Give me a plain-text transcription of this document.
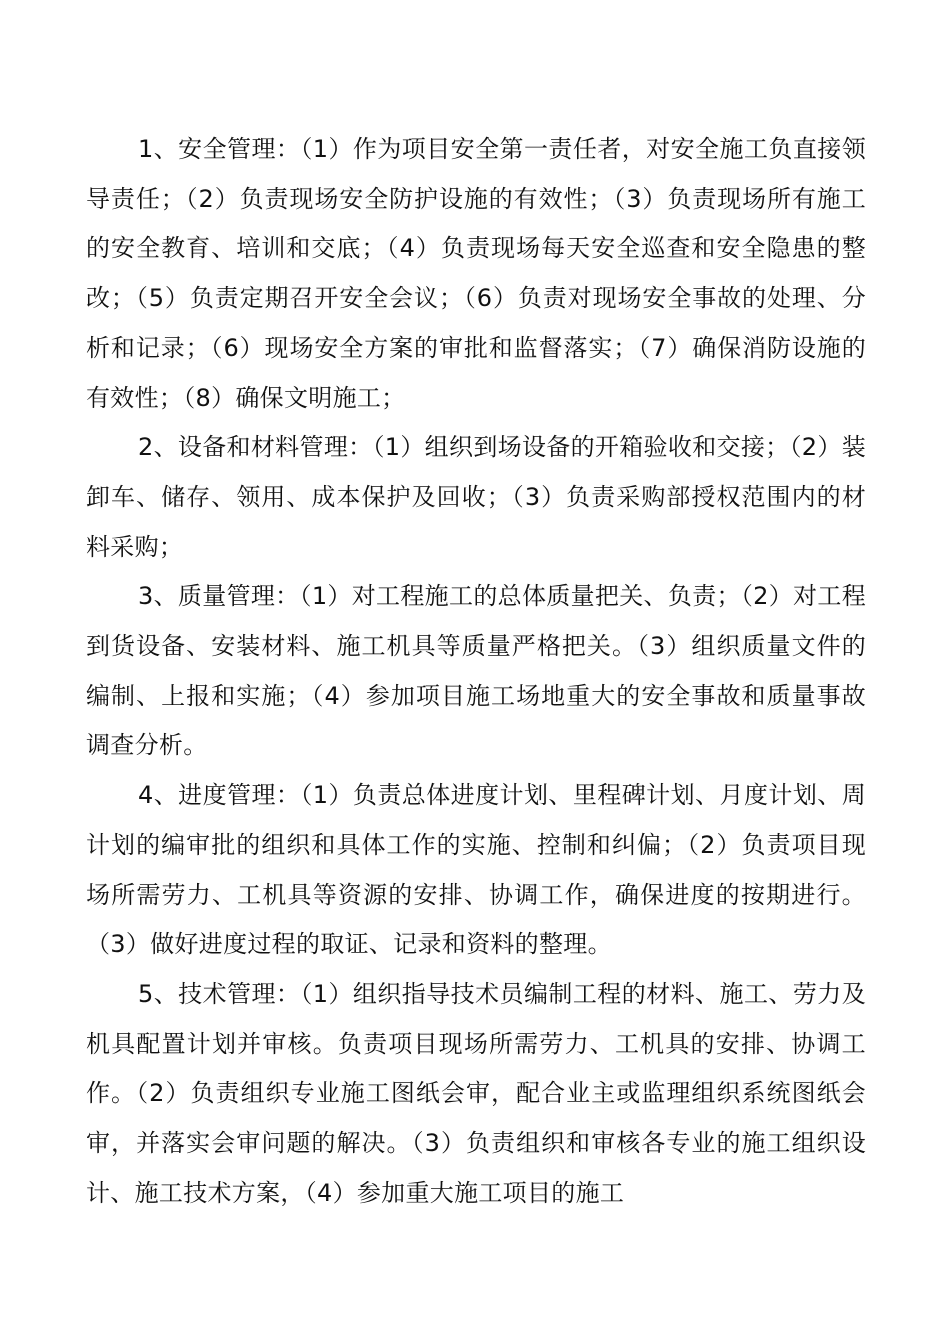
1、安全管理：（1）作为项目安全第一责任者，对安全施工负直接领导责任；（2）负责现场安全防护设施的有效性；（3）负责现场所有施工的安全教育、培训和交底；（4）负责现场每天安全巡查和安全隐患的整改；（5）负责定期召开安全会议；（6）负责对现场安全事故的处理、分析和记录；（6）现场安全方案的审批和监督落实；（7）确保消防设施的有效性；（8）确保文明施工；

2、设备和材料管理：（1）组织到场设备的开箱验收和交接；（2）装卸车、储存、领用、成本保护及回收；（3）负责采购部授权范围内的材料采购；

3、质量管理：（1）对工程施工的总体质量把关、负责；（2）对工程到货设备、安装材料、施工机具等质量严格把关。（3）组织质量文件的编制、上报和实施；（4）参加项目施工场地重大的安全事故和质量事故调查分析。

4、进度管理：（1）负责总体进度计划、里程碑计划、月度计划、周计划的编审批的组织和具体工作的实施、控制和纠偏；（2）负责项目现场所需劳力、工机具等资源的安排、协调工作，确保进度的按期进行。（3）做好进度过程的取证、记录和资料的整理。

5、技术管理：（1）组织指导技术员编制工程的材料、施工、劳力及机具配置计划并审核。负责项目现场所需劳力、工机具的安排、协调工作。（2）负责组织专业施工图纸会审，配合业主或监理组织系统图纸会审，并落实会审问题的解决。（3）负责组织和审核各专业的施工组织设计、施工技术方案，（4）参加重大施工项目的施工
